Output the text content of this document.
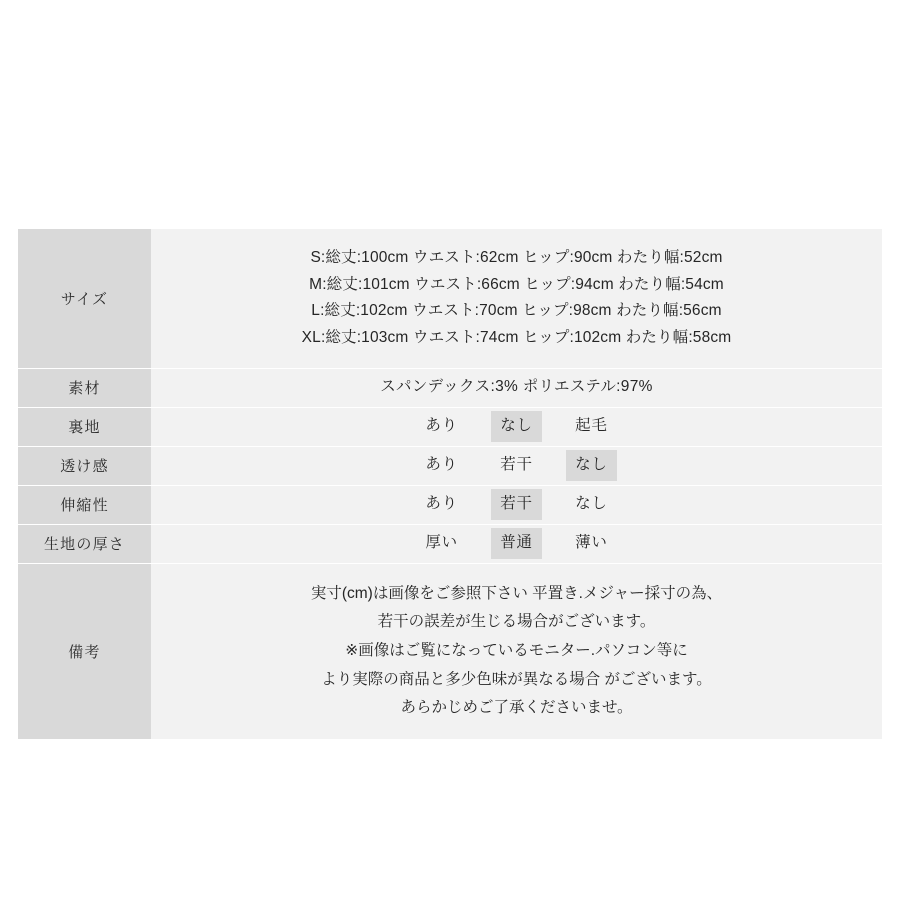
サイズ	S:総丈:100cm ウエスト:62cm ヒップ:90cm わたり幅:52cm
M:総丈:101cm ウエスト:66cm ヒップ:94cm わたり幅:54cm
L:総丈:102cm ウエスト:70cm ヒップ:98cm わたり幅:56cm
XL:総丈:103cm ウエスト:74cm ヒップ:102cm わたり幅:58cm

素材	スパンデックス:3% ポリエステル:97%
裏地	あり なし 起毛
透け感	あり 若干 なし
伸縮性	あり 若干 なし
生地の厚さ	厚い 普通 薄い
備考	実寸(cm)は画像をご参照下さい 平置き.メジャー採寸の為、
若干の誤差が生じる場合がございます。
※画像はご覧になっているモニター.パソコン等に
より実際の商品と多少色味が異なる場合 がございます。
あらかじめご了承くださいませ。
